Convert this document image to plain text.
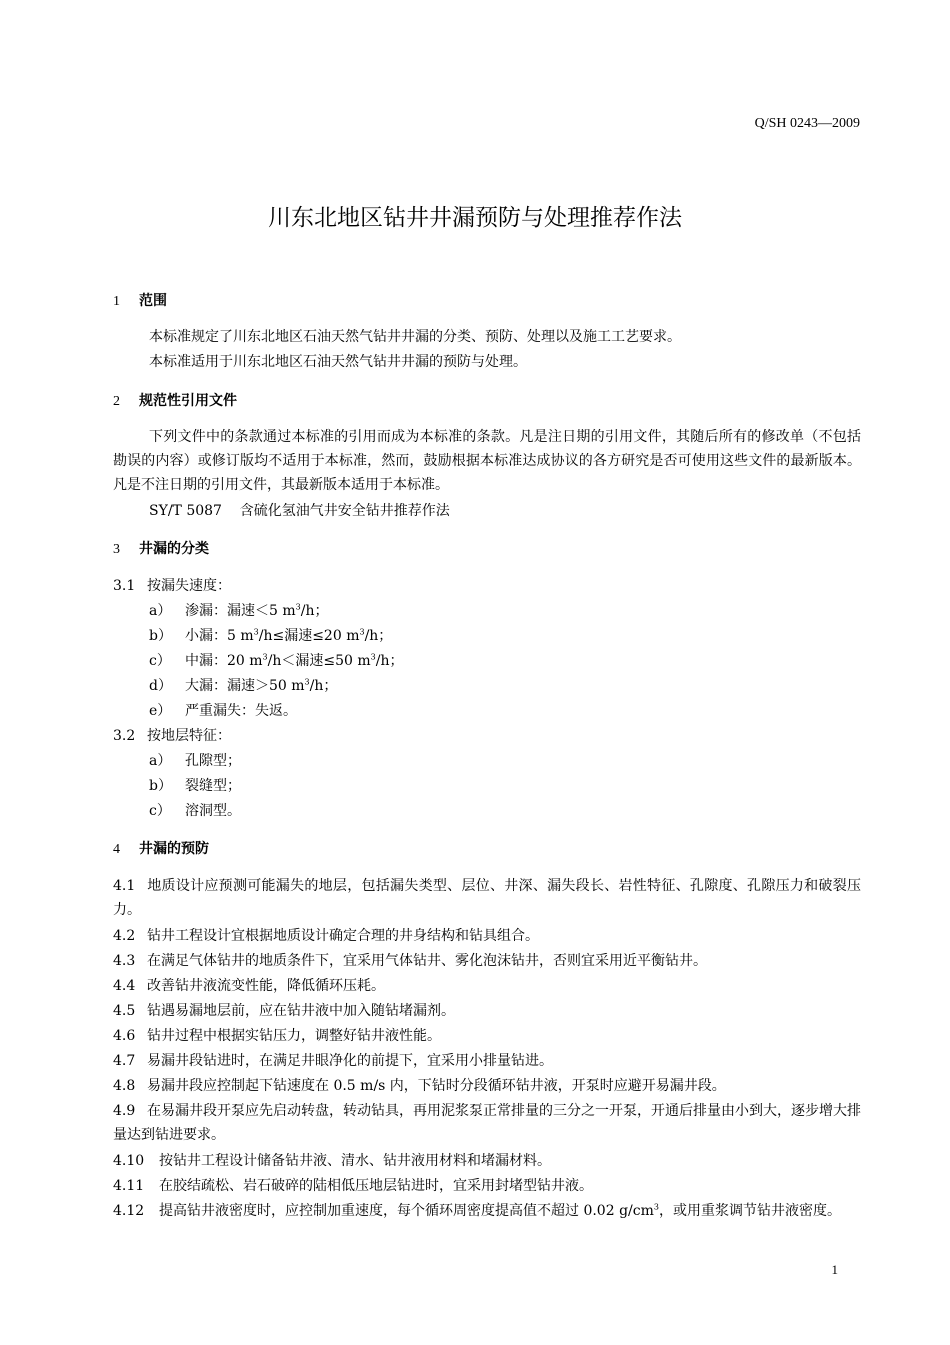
Q/SH 0243—2009
川东北地区钻井井漏预防与处理推荐作法
1 范围
本标准规定了川东北地区石油天然气钻井井漏的分类、预防、处理以及施工工艺要求。
本标准适用于川东北地区石油天然气钻井井漏的预防与处理。
2 规范性引用文件
下列文件中的条款通过本标准的引用而成为本标准的条款。凡是注日期的引用文件，其随后所有的修改单（不包括勘误的内容）或修订版均不适用于本标准，然而，鼓励根据本标准达成协议的各方研究是否可使用这些文件的最新版本。凡是不注日期的引用文件，其最新版本适用于本标准。
SY/T 5087 含硫化氢油气井安全钻井推荐作法
3 井漏的分类
3.1 按漏失速度：
a） 渗漏：漏速＜5 $m^3/h$；
b） 小漏：5 $m^3/h\le$漏速≤20 $m^3/h$；
c） 中漏：20 $m^3/h<$漏速≤50 $m^3/h$；
d） 大漏：漏速＞50 $m^3/h$；
e） 严重漏失：失返。
3.2 按地层特征：
a） 孔隙型；
b） 裂缝型；
c） 溶洞型。
4 井漏的预防
4.1 地质设计应预测可能漏失的地层，包括漏失类型、层位、井深、漏失段长、岩性特征、孔隙度、孔隙压力和破裂压力。
4.2 钻井工程设计宜根据地质设计确定合理的井身结构和钻具组合。
4.3 在满足气体钻井的地质条件下，宜采用气体钻井、雾化泡沫钻井，否则宜采用近平衡钻井。
4.4 改善钻井液流变性能，降低循环压耗。
4.5 钻遇易漏地层前，应在钻井液中加入随钻堵漏剂。
4.6 钻井过程中根据实钻压力，调整好钻井液性能。
4.7 易漏井段钻进时，在满足井眼净化的前提下，宜采用小排量钻进。
4.8 易漏井段应控制起下钻速度在 0.5 m/s 内，下钻时分段循环钻井液，开泵时应避开易漏井段。
4.9 在易漏井段开泵应先启动转盘，转动钻具，再用泥浆泵正常排量的三分之一开泵，开通后排量由小到大，逐步增大排量达到钻进要求。
4.10 按钻井工程设计储备钻井液、清水、钻井液用材料和堵漏材料。
4.11 在胶结疏松、岩石破碎的陆相低压地层钻进时，宜采用封堵型钻井液。
4.12 提高钻井液密度时，应控制加重速度，每个循环周密度提高值不超过 0.02 $g/cm^3$，或用重浆调节钻井液密度。
1
